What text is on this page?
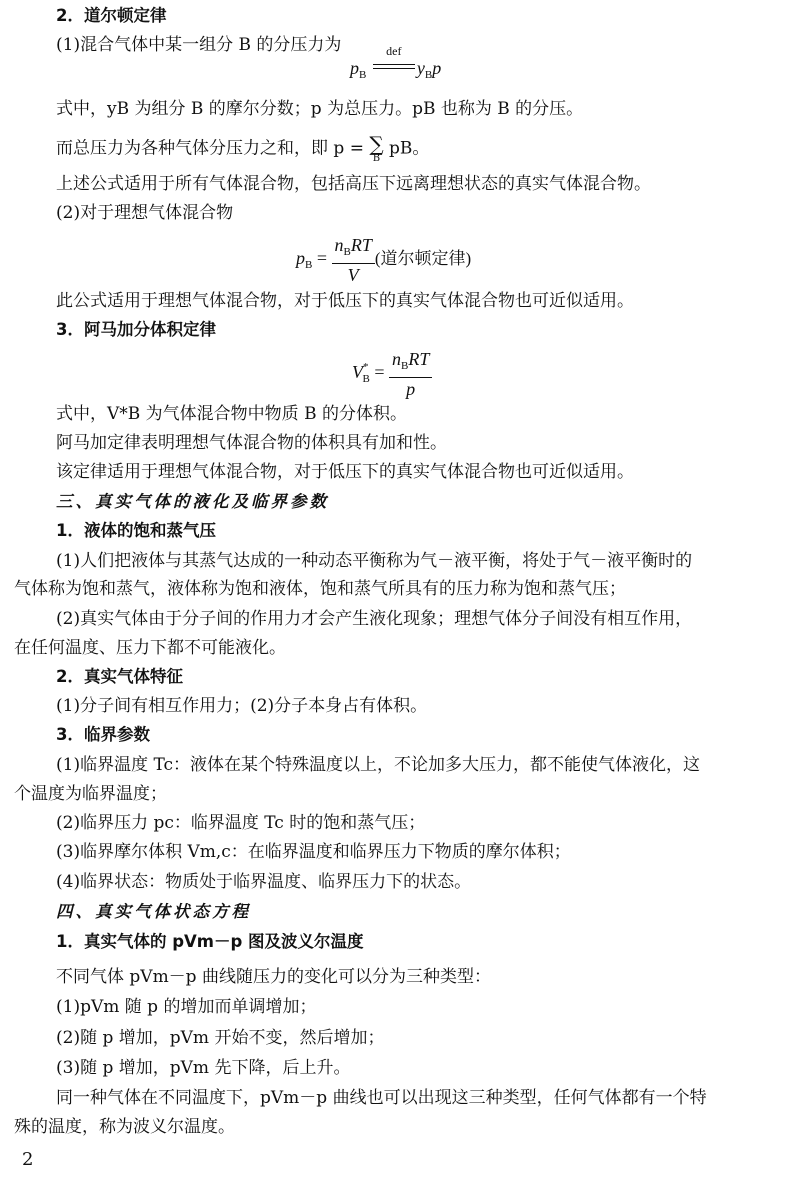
2．道尔顿定律
(1)混合气体中某一组分 B 的分压力为
$p_B$
def
$y_Bp$
式中，yB 为组分 B 的摩尔分数；p 为总压力。pB 也称为 B 的分压。
而总压力为各种气体分压力之和，即 p = ∑
B pB。
上述公式适用于所有气体混合物，包括高压下远离理想状态的真实气体混合物。
(2)对于理想气体混合物
$p_B = \frac{n_BRT}{V}$ (道尔顿定律)
此公式适用于理想气体混合物，对于低压下的真实气体混合物也可近似适用。
3．阿马加分体积定律
$V^*_B = \frac{n_BRT}{p}$
式中，V*B 为气体混合物中物质 B 的分体积。
阿马加定律表明理想气体混合物的体积具有加和性。
该定律适用于理想气体混合物，对于低压下的真实气体混合物也可近似适用。
三、真实气体的液化及临界参数
1．液体的饱和蒸气压
(1)人们把液体与其蒸气达成的一种动态平衡称为气－液平衡，将处于气－液平衡时的
气体称为饱和蒸气，液体称为饱和液体，饱和蒸气所具有的压力称为饱和蒸气压；
(2)真实气体由于分子间的作用力才会产生液化现象；理想气体分子间没有相互作用，
在任何温度、压力下都不可能液化。
2．真实气体特征
(1)分子间有相互作用力；(2)分子本身占有体积。
3．临界参数
(1)临界温度 Tc：液体在某个特殊温度以上，不论加多大压力，都不能使气体液化，这
个温度为临界温度；
(2)临界压力 pc：临界温度 Tc 时的饱和蒸气压；
(3)临界摩尔体积 Vm,c：在临界温度和临界压力下物质的摩尔体积；
(4)临界状态：物质处于临界温度、临界压力下的状态。
四、真实气体状态方程
1．真实气体的 pVm－p 图及波义尔温度
不同气体 pVm－p 曲线随压力的变化可以分为三种类型：
(1)pVm 随 p 的增加而单调增加；
(2)随 p 增加，pVm 开始不变，然后增加；
(3)随 p 增加，pVm 先下降，后上升。
同一种气体在不同温度下，pVm－p 曲线也可以出现这三种类型，任何气体都有一个特
殊的温度，称为波义尔温度。
2
